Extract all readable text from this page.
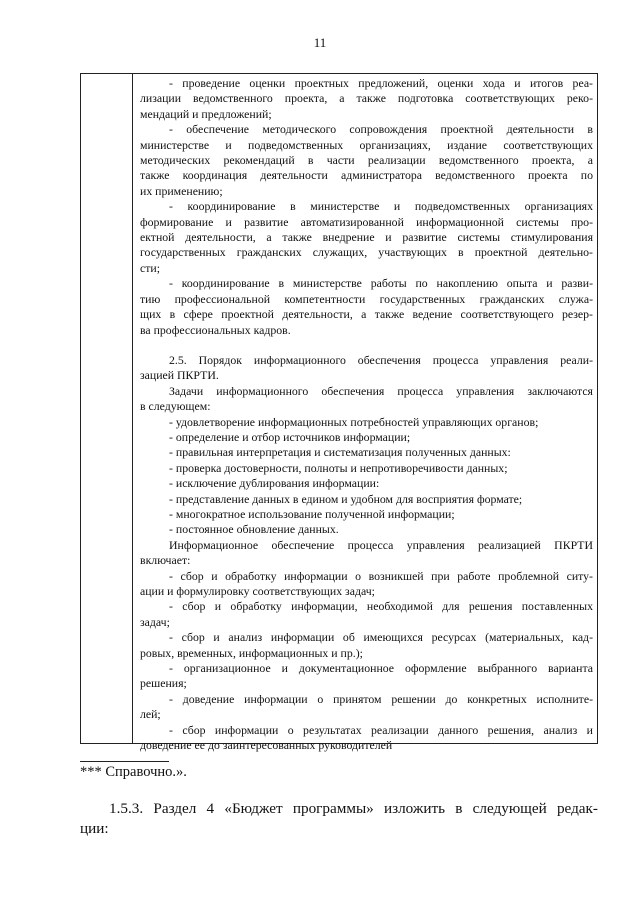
11
- проведение оценки проектных предложений, оценки хода и итогов реа-
лизации ведомственного проекта, а также подготовка соответствующих реко-
мендаций и предложений;
- обеспечение методического сопровождения проектной деятельности в
министерстве и подведомственных организациях, издание соответствующих
методических рекомендаций в части реализации ведомственного проекта, а
также координация деятельности администратора ведомственного проекта по
их применению;
- координирование в министерстве и подведомственных организациях
формирование и развитие автоматизированной информационной системы про-
ектной деятельности, а также внедрение и развитие системы стимулирования
государственных гражданских служащих, участвующих в проектной деятельно-
сти;
- координирование в министерстве работы по накоплению опыта и разви-
тию профессиональной компетентности государственных гражданских служа-
щих в сфере проектной деятельности, а также ведение соответствующего резер-
ва профессиональных кадров.
2.5. Порядок информационного обеспечения процесса управления реали-
зацией ПКРТИ.
Задачи информационного обеспечения процесса управления заключаются
в следующем:
- удовлетворение информационных потребностей управляющих органов;
- определение и отбор источников информации;
- правильная интерпретация и систематизация полученных данных:
- проверка достоверности, полноты и непротиворечивости данных;
- исключение дублирования информации:
- представление данных в едином и удобном для восприятия формате;
- многократное использование полученной информации;
- постоянное обновление данных.
Информационное обеспечение процесса управления реализацией ПКРТИ
включает:
- сбор и обработку информации о возникшей при работе проблемной ситу-
ации и формулировку соответствующих задач;
- сбор и обработку информации, необходимой для решения поставленных
задач;
- сбор и анализ информации об имеющихся ресурсах (материальных, кад-
ровых, временных, информационных и пр.);
- организационное и документационное оформление выбранного варианта
решения;
- доведение информации о принятом решении до конкретных исполните-
лей;
- сбор информации о результатах реализации данного решения, анализ и
доведение ее до заинтересованных руководителей
*** Справочно.».
1.5.3. Раздел 4 «Бюджет программы» изложить в следующей редак-
ции:
